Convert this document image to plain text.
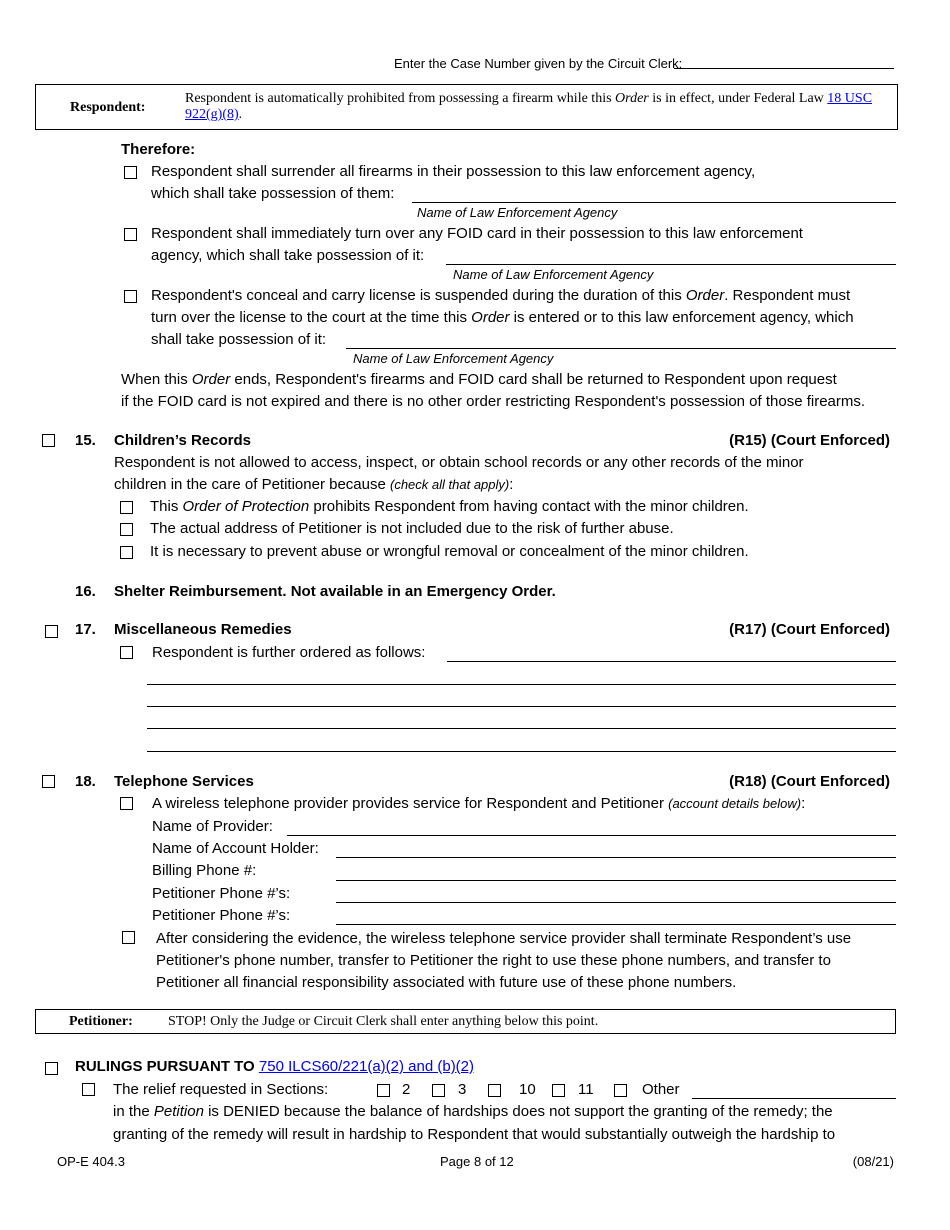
Enter the Case Number given by the Circuit Clerk:
Respondent:
Respondent is automatically prohibited from possessing a firearm while this Order is in effect, under Federal Law 18 USC
922(g)(8).
Therefore:
Respondent shall surrender all firearms in their possession to this law enforcement agency,
which shall take possession of them:
Name of Law Enforcement Agency
Respondent shall immediately turn over any FOID card in their possession to this law enforcement
agency, which shall take possession of it:
Name of Law Enforcement Agency
Respondent's conceal and carry license is suspended during the duration of this Order. Respondent must
turn over the license to the court at the time this Order is entered or to this law enforcement agency, which
shall take possession of it:
Name of Law Enforcement Agency
When this Order ends, Respondent's firearms and FOID card shall be returned to Respondent upon request
if the FOID card is not expired and there is no other order restricting Respondent's possession of those firearms.
15. Children’s Records	(R15) (Court Enforced)
Respondent is not allowed to access, inspect, or obtain school records or any other records of the minor
children in the care of Petitioner because (check all that apply):
This Order of Protection prohibits Respondent from having contact with the minor children.
The actual address of Petitioner is not included due to the risk of further abuse.
It is necessary to prevent abuse or wrongful removal or concealment of the minor children.
16. Shelter Reimbursement. Not available in an Emergency Order.
17. Miscellaneous Remedies	(R17) (Court Enforced)
Respondent is further ordered as follows:
18. Telephone Services	(R18) (Court Enforced)
A wireless telephone provider provides service for Respondent and Petitioner (account details below):
Name of Provider:
Name of Account Holder:
Billing Phone #:
Petitioner Phone #’s:
Petitioner Phone #’s:
After considering the evidence, the wireless telephone service provider shall terminate Respondent’s use
Petitioner's phone number, transfer to Petitioner the right to use these phone numbers, and transfer to
Petitioner all financial responsibility associated with future use of these phone numbers.
Petitioner:	STOP! Only the Judge or Circuit Clerk shall enter anything below this point.
RULINGS PURSUANT TO 750 ILCS60/221(a)(2) and (b)(2)
The relief requested in Sections:	2	3	10	11	Other
in the Petition is DENIED because the balance of hardships does not support the granting of the remedy; the
granting of the remedy will result in hardship to Respondent that would substantially outweigh the hardship to
OP-E 404.3	Page 8 of 12	(08/21)
